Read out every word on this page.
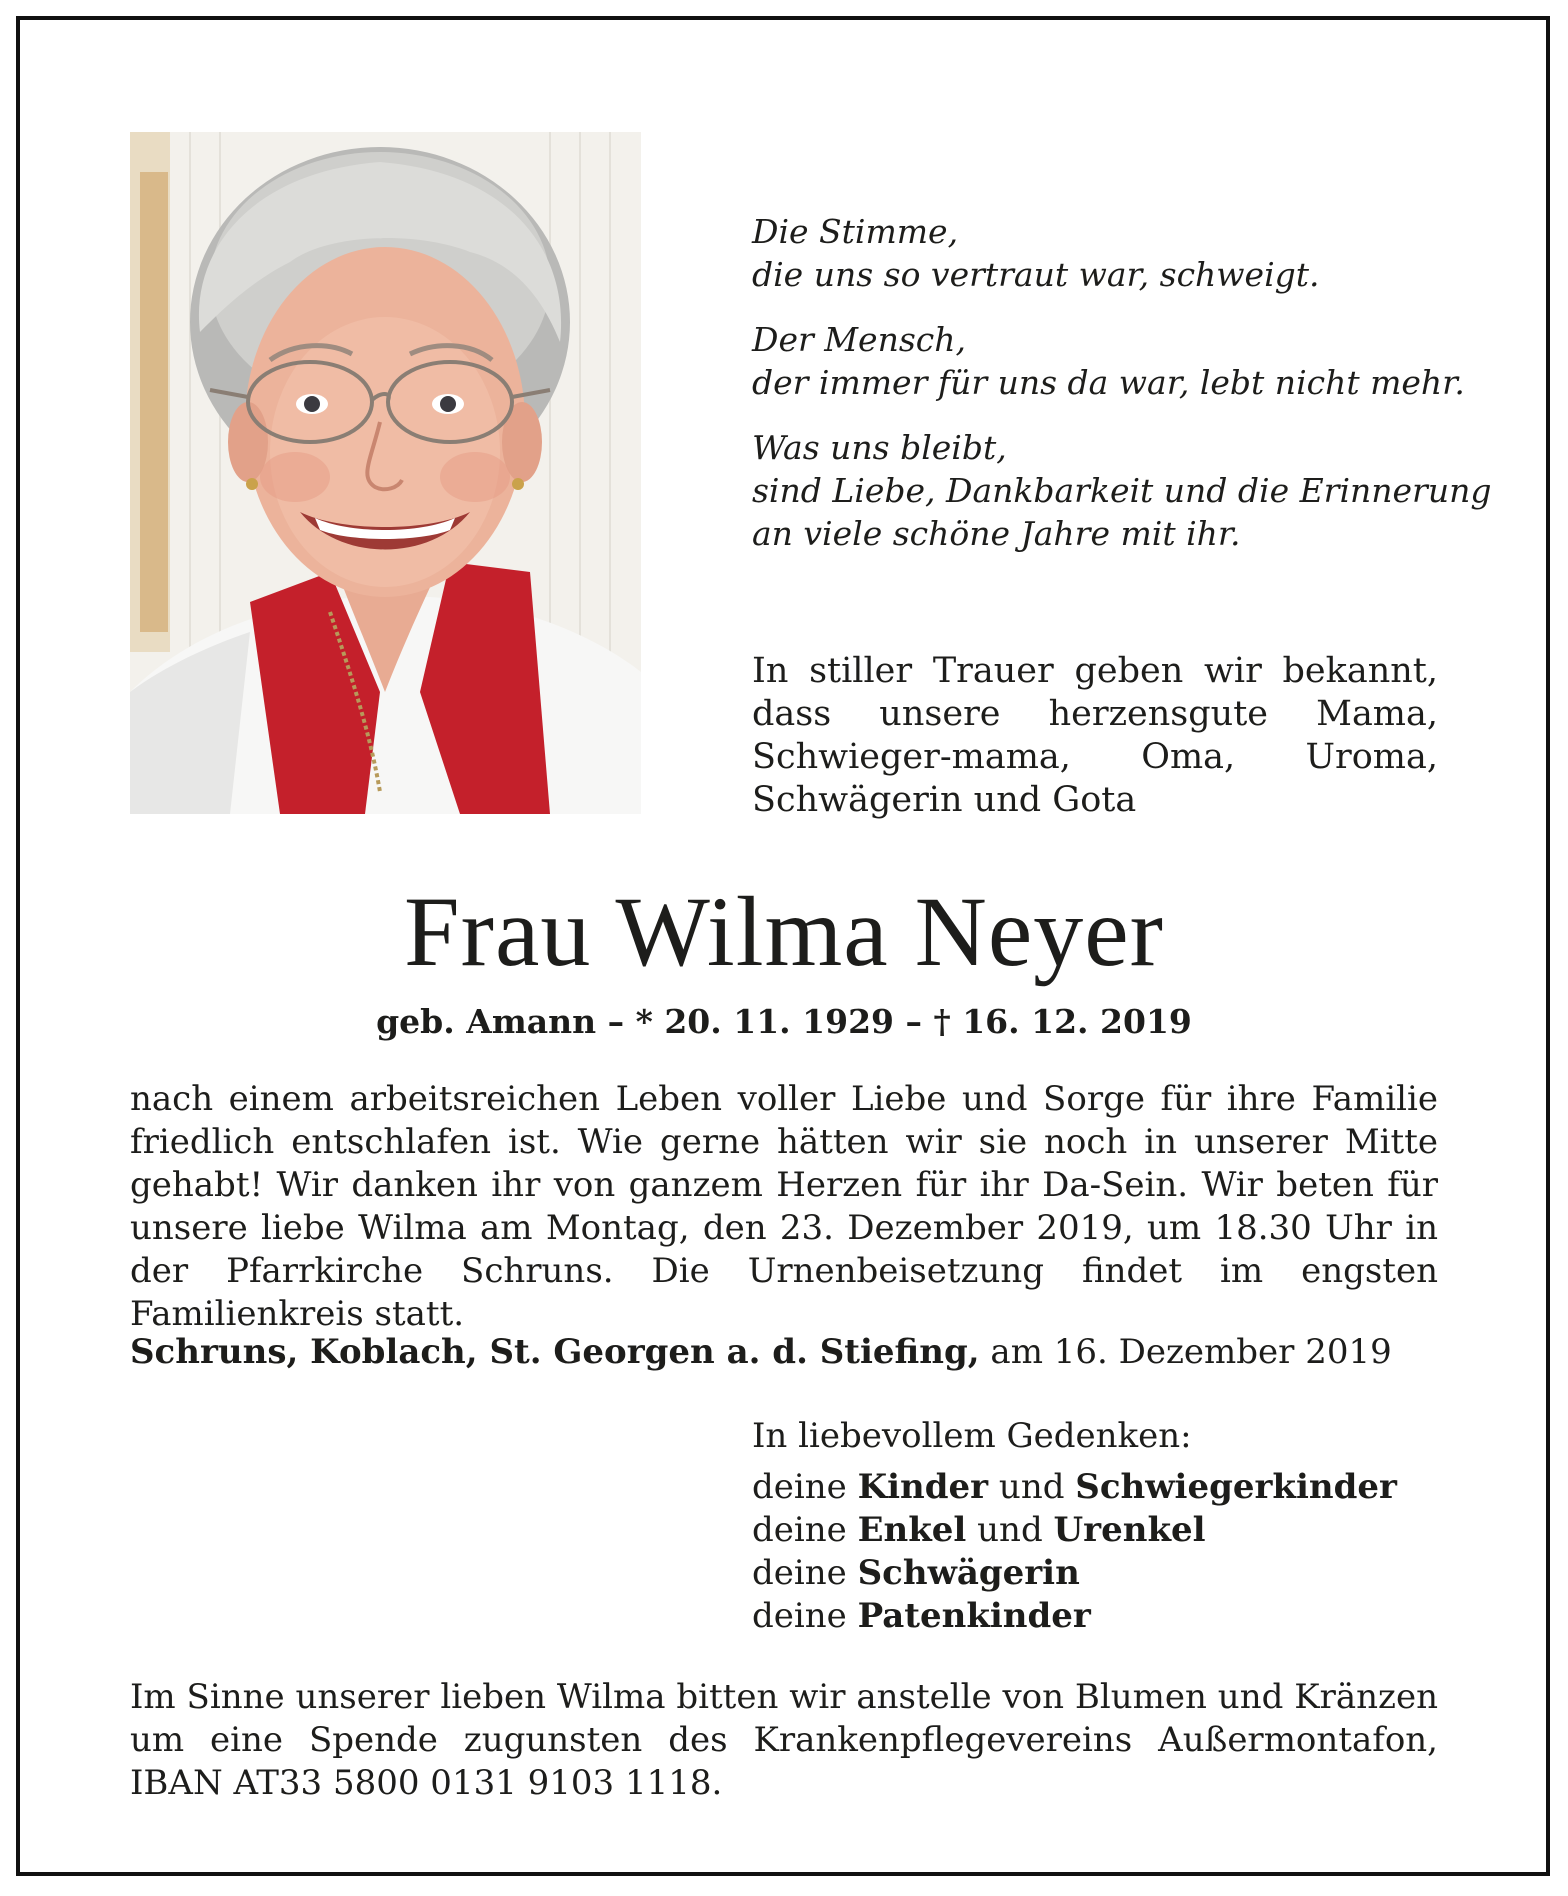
Die Stimme,
die uns so vertraut war, schweigt.
Der Mensch,
der immer für uns da war, lebt nicht mehr.
Was uns bleibt,
sind Liebe, Dankbarkeit und die Erinnerung
an viele schöne Jahre mit ihr.
In stiller Trauer geben wir bekannt, dass unsere herzensgute Mama, Schwieger-mama, Oma, Uroma, Schwägerin und Gota
Frau Wilma Neyer
geb. Amann – * 20. 11. 1929 – † 16. 12. 2019
nach einem arbeitsreichen Leben voller Liebe und Sorge für ihre Familie friedlich entschlafen ist. Wie gerne hätten wir sie noch in unserer Mitte gehabt! Wir danken ihr von ganzem Herzen für ihr Da-Sein. Wir beten für unsere liebe Wilma am Montag, den 23. Dezember 2019, um 18.30 Uhr in der Pfarrkirche Schruns. Die Urnenbeisetzung findet im engsten Familienkreis statt.
Schruns, Koblach, St. Georgen a. d. Stiefing, am 16. Dezember 2019
In liebevollem Gedenken:
deine Kinder und Schwiegerkinder
deine Enkel und Urenkel
deine Schwägerin
deine Patenkinder
Im Sinne unserer lieben Wilma bitten wir anstelle von Blumen und Kränzen um eine Spende zugunsten des Krankenpflegevereins Außermontafon, IBAN AT33 5800 0131 9103 1118.
